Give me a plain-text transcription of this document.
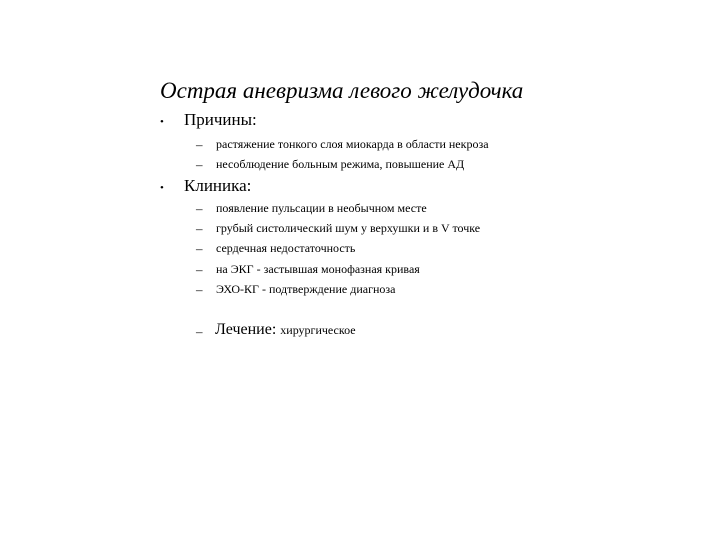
Острая аневризма левого желудочка
• Причины:
– растяжение тонкого слоя миокарда в области некроза
– несоблюдение больным режима, повышение АД
• Клиника:
– появление пульсации в необычном месте
– грубый систолический шум у верхушки и в V точке
– сердечная недостаточность
– на ЭКГ - застывшая монофазная кривая
– ЭХО-КГ - подтверждение диагноза
– Лечение: хирургическое
